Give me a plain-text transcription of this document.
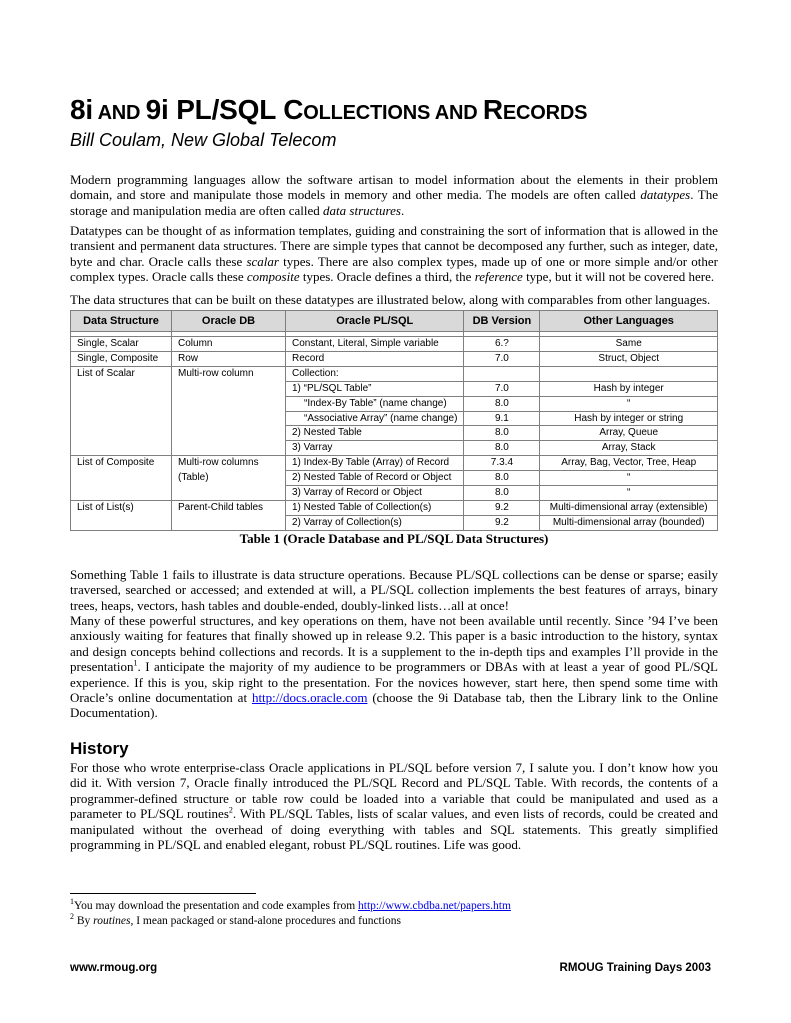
8i AND 9i PL/SQL COLLECTIONS AND RECORDS
Bill Coulam, New Global Telecom

Modern programming languages allow the software artisan to model information about the elements in their problem domain, and store and manipulate those models in memory and other media. The models are often called datatypes. The storage and manipulation media are often called data structures.

Datatypes can be thought of as information templates, guiding and constraining the sort of information that is allowed in the transient and permanent data structures. There are simple types that cannot be decomposed any further, such as integer, date, byte and char. Oracle calls these scalar types. There are also complex types, made up of one or more simple and/or other complex types. Oracle calls these composite types. Oracle defines a third, the reference type, but it will not be covered here.

The data structures that can be built on these datatypes are illustrated below, along with comparables from other languages.

Data Structure	Oracle DB	Oracle PL/SQL	DB Version	Other Languages

Single, Scalar	Column	Constant, Literal, Simple variable	6.?	Same
Single, Composite	Row	Record	7.0	Struct, Object
List of Scalar	Multi-row column	Collection:		
		1) “PL/SQL Table”	7.0	Hash by integer
		“Index-By Table” (name change)	8.0	“
		“Associative Array” (name change)	9.1	Hash by integer or string
		2) Nested Table	8.0	Array, Queue
		3) Varray	8.0	Array, Stack
List of Composite	Multi-row columns	1) Index-By Table (Array) of Record	7.3.4	Array, Bag, Vector, Tree, Heap
	(Table)	2) Nested Table of Record or Object	8.0	“
		3) Varray of Record or Object	8.0	“
List of List(s)	Parent-Child tables	1) Nested Table of Collection(s)	9.2	Multi-dimensional array (extensible)
		2) Varray of Collection(s)	9.2	Multi-dimensional array (bounded)
Table 1 (Oracle Database and PL/SQL Data Structures)

Something Table 1 fails to illustrate is data structure operations. Because PL/SQL collections can be dense or sparse; easily traversed, searched or accessed; and extended at will, a PL/SQL collection implements the best features of arrays, binary trees, heaps, vectors, hash tables and double-ended, doubly-linked lists…all at once!

Many of these powerful structures, and key operations on them, have not been available until recently. Since ’94 I’ve been anxiously waiting for features that finally showed up in release 9.2. This paper is a basic introduction to the history, syntax and design concepts behind collections and records. It is a supplement to the in-depth tips and examples I’ll provide in the presentation$^1$. I anticipate the majority of my audience to be programmers or DBAs with at least a year of good PL/SQL experience. If this is you, skip right to the presentation. For the novices however, start here, then spend some time with Oracle’s online documentation at http://docs.oracle.com (choose the 9i Database tab, then the Library link to the Online Documentation).

History

For those who wrote enterprise-class Oracle applications in PL/SQL before version 7, I salute you. I don’t know how you did it. With version 7, Oracle finally introduced the PL/SQL Record and PL/SQL Table. With records, the contents of a programmer-defined structure or table row could be loaded into a variable that could be manipulated and used as a parameter to PL/SQL routines$^2$. With PL/SQL Tables, lists of scalar values, and even lists of records, could be created and manipulated without the overhead of doing everything with tables and SQL statements. This greatly simplified programming in PL/SQL and enabled elegant, robust PL/SQL routines. Life was good.

$^1$You may download the presentation and code examples from http://www.cbdba.net/papers.htm
$^2$ By routines, I mean packaged or stand-alone procedures and functions
www.rmoug.org	RMOUG Training Days 2003
